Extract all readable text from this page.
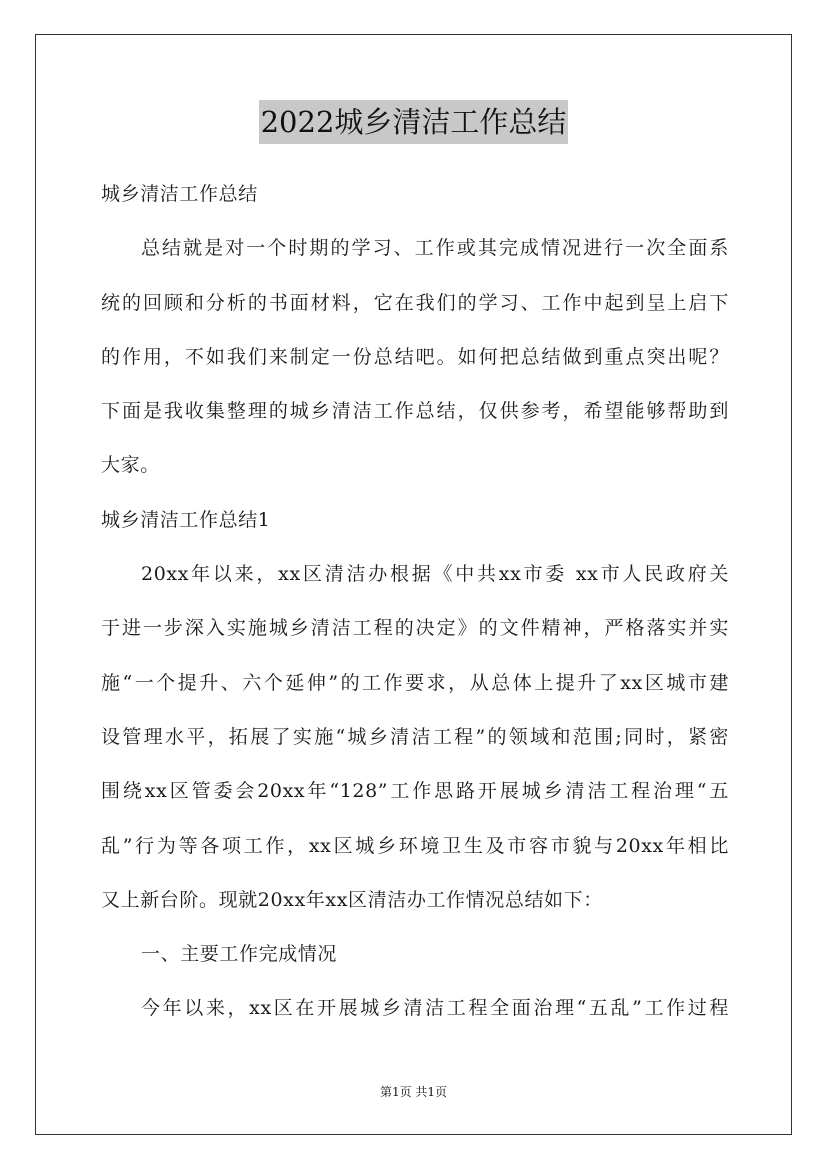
2022城乡清洁工作总结
城乡清洁工作总结
总结就是对一个时期的学习、工作或其完成情况进行一次全面系
统的回顾和分析的书面材料，它在我们的学习、工作中起到呈上启下
的作用，不如我们来制定一份总结吧。如何把总结做到重点突出呢？
下面是我收集整理的城乡清洁工作总结，仅供参考，希望能够帮助到
大家。
城乡清洁工作总结1
20xx年以来，xx区清洁办根据《中共xx市委 xx市人民政府关
于进一步深入实施城乡清洁工程的决定》的文件精神，严格落实并实
施“一个提升、六个延伸”的工作要求，从总体上提升了xx区城市建
设管理水平，拓展了实施“城乡清洁工程”的领域和范围;同时，紧密
围绕xx区管委会20xx年“128”工作思路开展城乡清洁工程治理“五
乱”行为等各项工作，xx区城乡环境卫生及市容市貌与20xx年相比
又上新台阶。现就20xx年xx区清洁办工作情况总结如下：
一、主要工作完成情况
今年以来，xx区在开展城乡清洁工程全面治理“五乱”工作过程
第1页 共1页
